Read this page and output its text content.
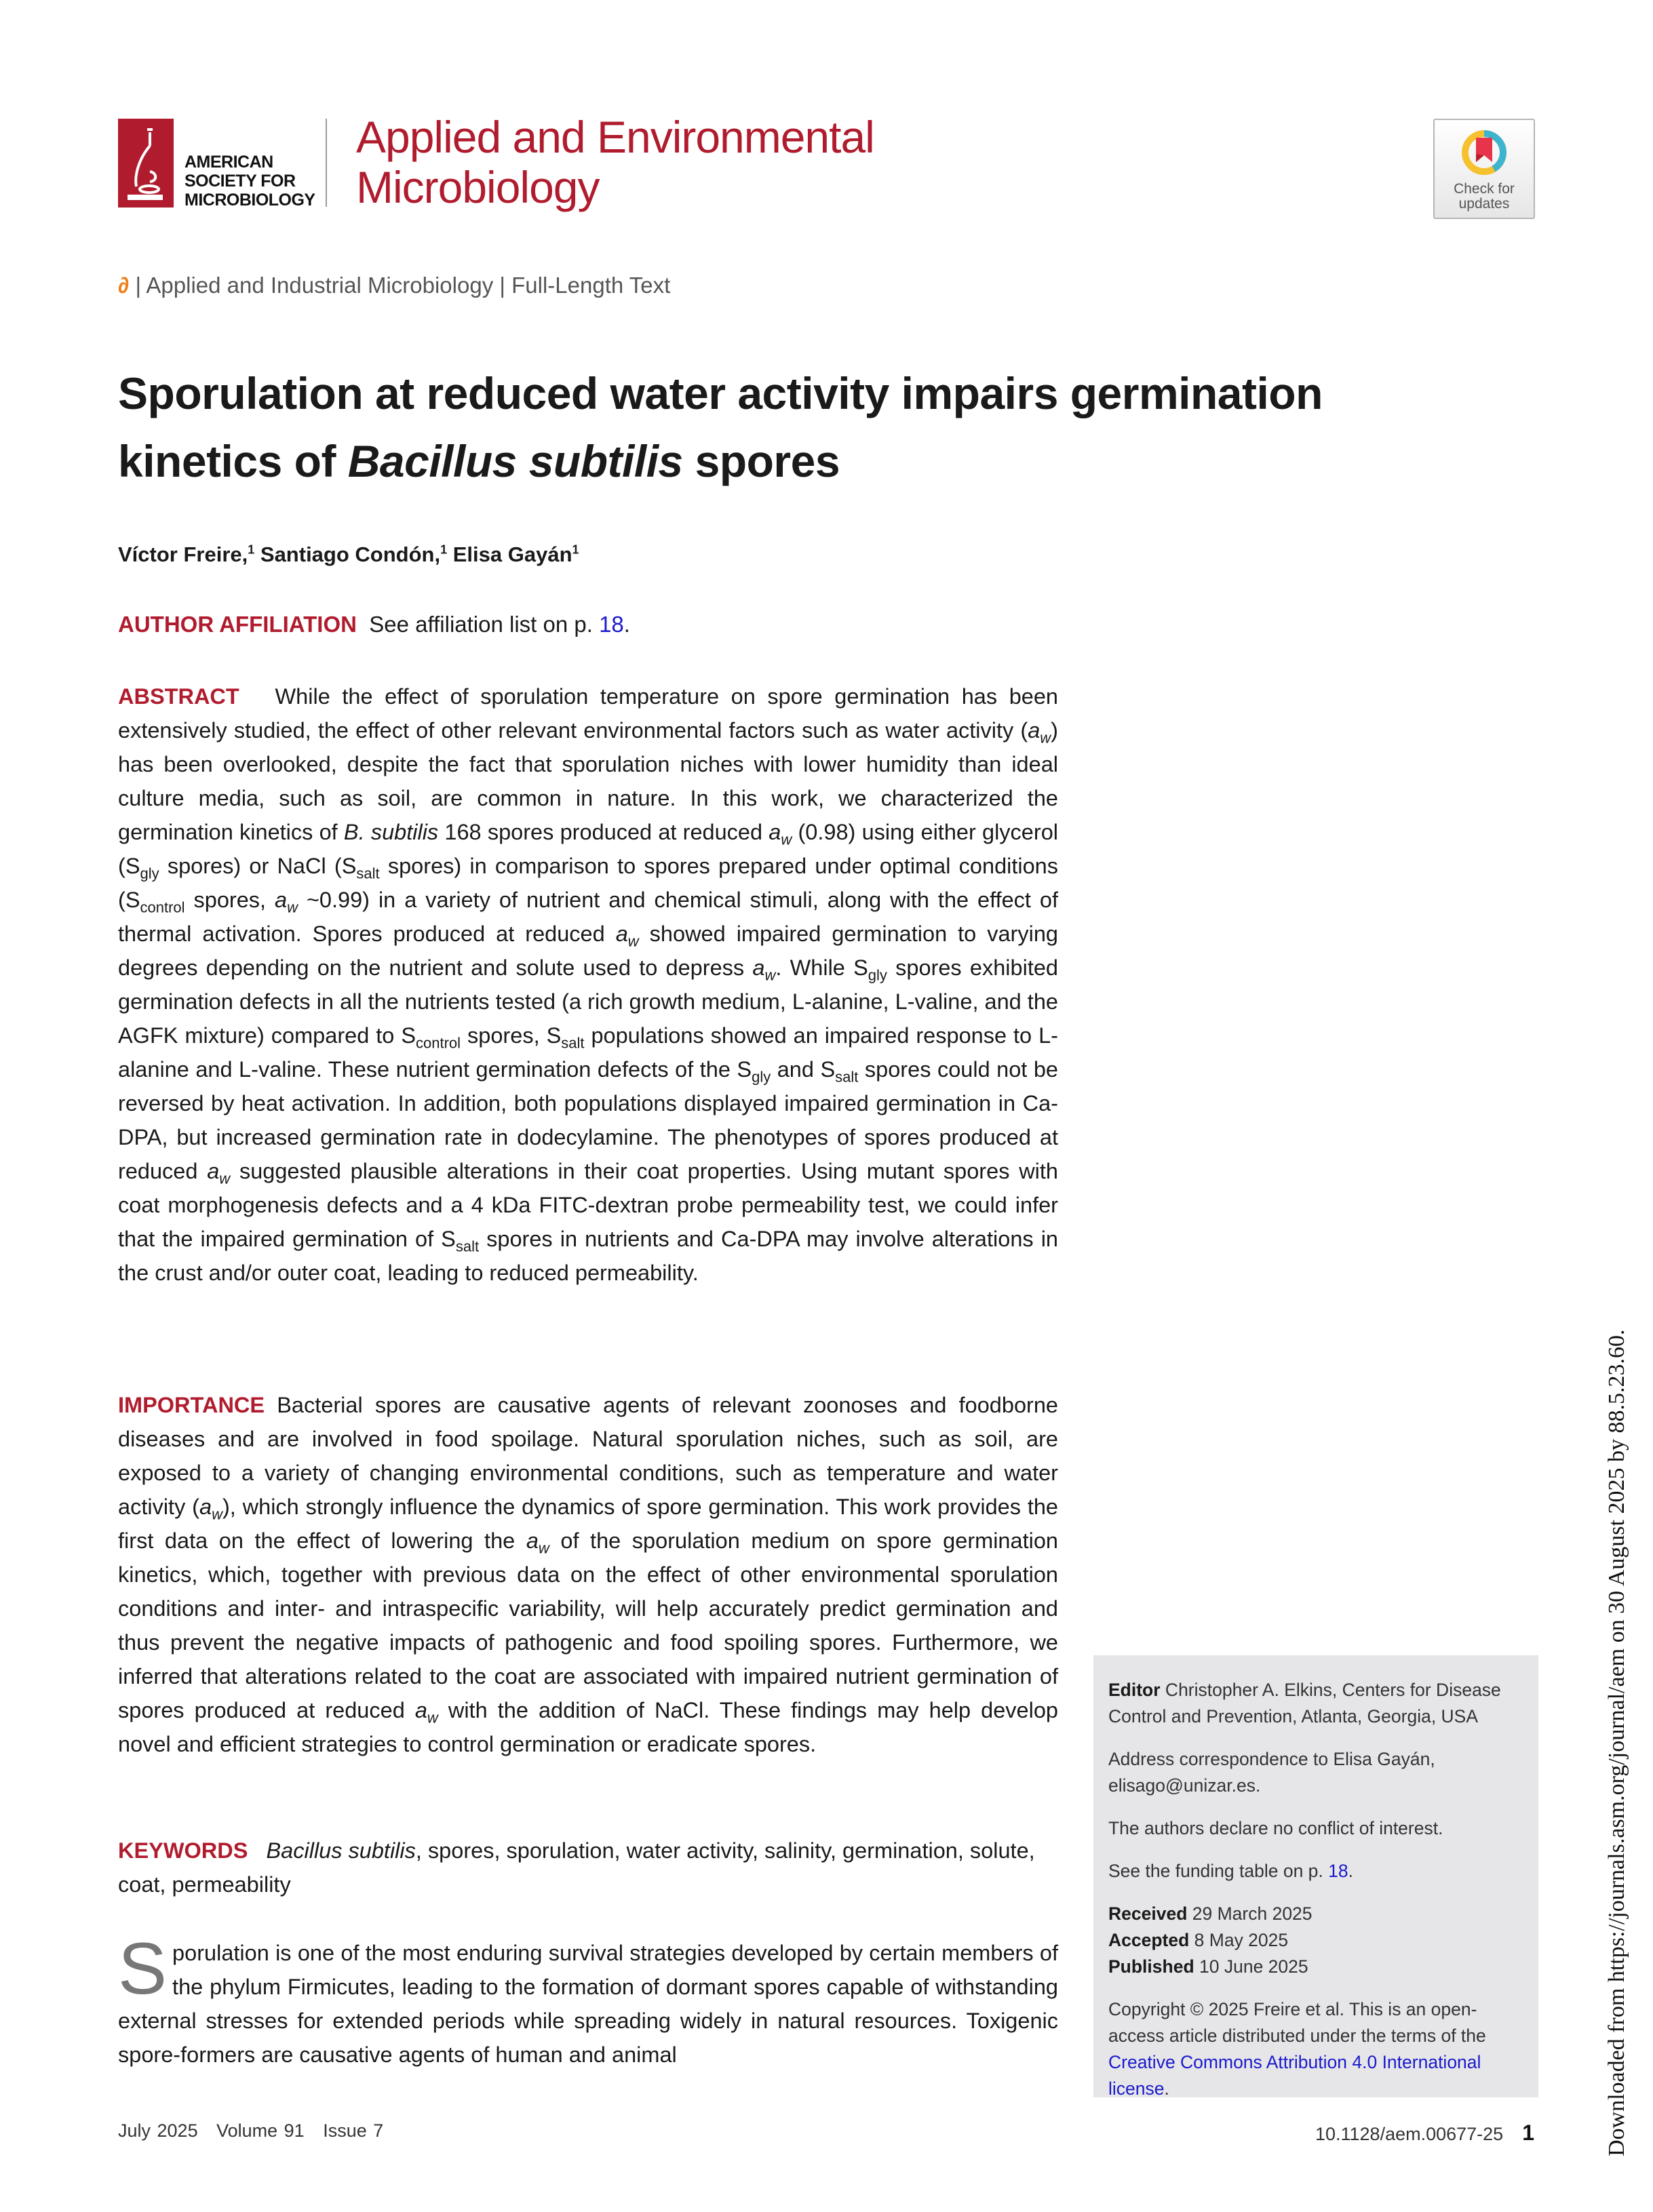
AMERICAN
SOCIETY FOR
MICROBIOLOGY
Applied and Environmental
Microbiology	Check for
updates
∂ | Applied and Industrial Microbiology | Full-Length Text
Sporulation at reduced water activity impairs germination kinetics of Bacillus subtilis spores
Víctor Freire,$^1$ Santiago Condón,$^1$ Elisa Gayán$^1$
AUTHOR AFFILIATION See affiliation list on p. 18.
ABSTRACT While the effect of sporulation temperature on spore germination has been extensively studied, the effect of other relevant environmental factors such as water activity $(a_w)$ has been overlooked, despite the fact that sporulation niches with lower humidity than ideal culture media, such as soil, are common in nature. In this work, we characterized the germination kinetics of B. subtilis 168 spores produced at reduced $a_w$ (0.98) using either glycerol ($S_{gly}$ spores) or NaCl ($S_{salt}$ spores) in comparison to spores prepared under optimal conditions ($S_{control}$ spores, $a_w$ ~0.99) in a variety of nutrient and chemical stimuli, along with the effect of thermal activation. Spores produced at reduced $a_w$ showed impaired germination to varying degrees depending on the nutrient and solute used to depress $a_w$. While $S_{gly}$ spores exhibited germination defects in all the nutrients tested (a rich growth medium, L-alanine, L-valine, and the AGFK mixture) compared to $S_{control}$ spores, $S_{salt}$ populations showed an impaired response to L-alanine and L-valine. These nutrient germination defects of the $S_{gly}$ and $S_{salt}$ spores could not be reversed by heat activation. In addition, both populations displayed impaired germination in Ca-DPA, but increased germination rate in dodecylamine. The phenotypes of spores produced at reduced $a_w$ suggested plausible alterations in their coat properties. Using mutant spores with coat morphogenesis defects and a 4 kDa FITC-dextran probe permeability test, we could infer that the impaired germination of $S_{salt}$ spores in nutrients and Ca-DPA may involve alterations in the crust and/or outer coat, leading to reduced permeability.
IMPORTANCE Bacterial spores are causative agents of relevant zoonoses and foodborne diseases and are involved in food spoilage. Natural sporulation niches, such as soil, are exposed to a variety of changing environmental conditions, such as temperature and water activity $(a_w)$, which strongly influence the dynamics of spore germination. This work provides the first data on the effect of lowering the $a_w$ of the sporulation medium on spore germination kinetics, which, together with previous data on the effect of other environmental sporulation conditions and inter- and intraspecific variability, will help accurately predict germination and thus prevent the negative impacts of pathogenic and food spoiling spores. Furthermore, we inferred that alterations related to the coat are associated with impaired nutrient germination of spores produced at reduced $a_w$ with the addition of NaCl. These findings may help develop novel and efficient strategies to control germination or eradicate spores.
KEYWORDS Bacillus subtilis, spores, sporulation, water activity, salinity, germination, solute, coat, permeability
Sporulation is one of the most enduring survival strategies developed by certain members of the phylum Firmicutes, leading to the formation of dormant spores capable of withstanding external stresses for extended periods while spreading widely in natural resources. Toxigenic spore-formers are causative agents of human and animal

Editor Christopher A. Elkins, Centers for Disease Control and Prevention, Atlanta, Georgia, USA

Address correspondence to Elisa Gayán, elisago@unizar.es.

The authors declare no conflict of interest.

See the funding table on p. 18.

Received 29 March 2025

Accepted 8 May 2025

Published 10 June 2025

Copyright © 2025 Freire et al. This is an open-access article distributed under the terms of the Creative Commons Attribution 4.0 International license.	Downloaded from https://journals.asm.org/journal/aem on 30 August 2025 by 88.5.23.60.
July 2025 Volume 91 Issue 7	10.1128/aem.00677-25 1
